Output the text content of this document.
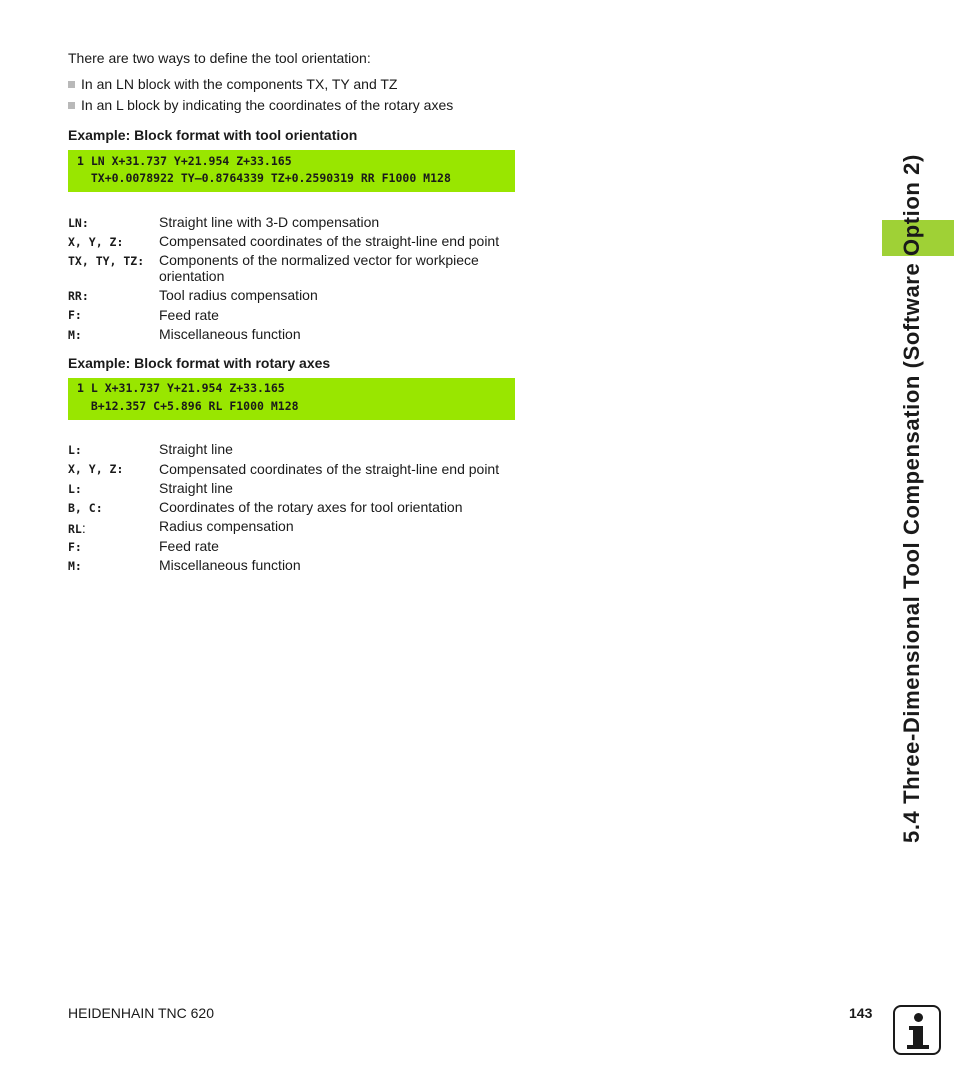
There are two ways to define the tool orientation:
In an LN block with the components TX, TY and TZ
In an L block by indicating the coordinates of the rotary axes
Example: Block format with tool orientation
1 LN X+31.737 Y+21.954 Z+33.165
TX+0.0078922 TY–0.8764339 TZ+0.2590319 RR F1000 M128
LN:	Straight line with 3-D compensation
X, Y, Z:	Compensated coordinates of the straight-line end point
TX, TY, TZ: Components of the normalized vector for workpiece orientation
RR:	Tool radius compensation
F:	Feed rate
M:	Miscellaneous function
Example: Block format with rotary axes
1 L X+31.737 Y+21.954 Z+33.165
B+12.357 C+5.896 RL F1000 M128
L:	Straight line
X, Y, Z:	Compensated coordinates of the straight-line end point
L:	Straight line
B, C:	Coordinates of the rotary axes for tool orientation
RL:	Radius compensation
F:	Feed rate
M:	Miscellaneous function	5.4 Three-Dimensional Tool Compensation (Software Option 2)
HEIDENHAIN TNC 620	143
